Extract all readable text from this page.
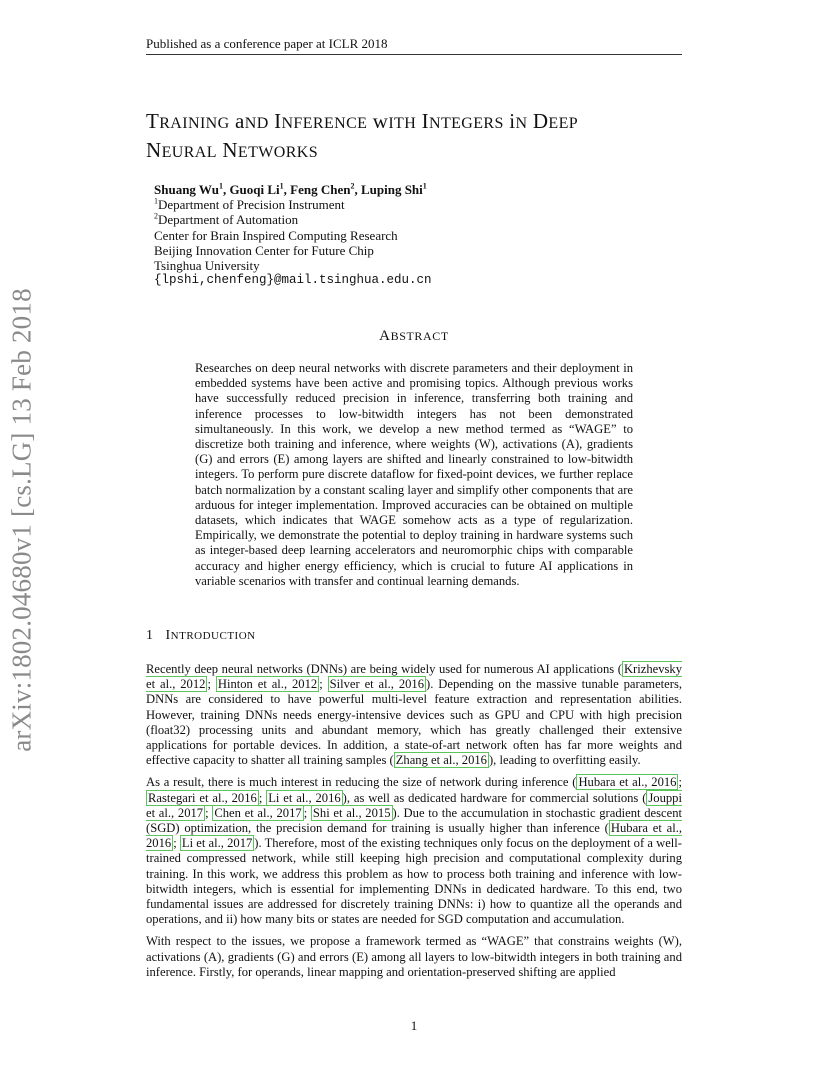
Published as a conference paper at ICLR 2018
arXiv:1802.04680v1 [cs.LG] 13 Feb 2018
TRAINING aND INFERENCE wITH INTEGERS iN DEEP
NEURAL NETWORKS
Shuang Wu$^1$, Guoqi Li$^1$, Feng Chen$^2$, Luping Shi$^1$
$^1$Department of Precision Instrument
$^2$Department of Automation
Center for Brain Inspired Computing Research
Beijing Innovation Center for Future Chip
Tsinghua University
{lpshi,chenfeng}@mail.tsinghua.edu.cn
ABSTRACT
Researches on deep neural networks with discrete parameters and their deployment in embedded systems have been active and promising topics. Although previous works have successfully reduced precision in inference, transferring both training and inference processes to low-bitwidth integers has not been demonstrated simultaneously. In this work, we develop a new method termed as “WAGE” to discretize both training and inference, where weights (W), activations (A), gradients (G) and errors (E) among layers are shifted and linearly constrained to low-bitwidth integers. To perform pure discrete dataflow for fixed-point devices, we further replace batch normalization by a constant scaling layer and simplify other components that are arduous for integer implementation. Improved accuracies can be obtained on multiple datasets, which indicates that WAGE somehow acts as a type of regularization. Empirically, we demonstrate the potential to deploy training in hardware systems such as integer-based deep learning accelerators and neuromorphic chips with comparable accuracy and higher energy efficiency, which is crucial to future AI applications in variable scenarios with transfer and continual learning demands.
1 INTRODUCTION

Recently deep neural networks (DNNs) are being widely used for numerous AI applications ( Krizhevsky et al., 2012 ; Hinton et al., 2012 ; Silver et al., 2016 ). Depending on the massive tunable parameters, DNNs are considered to have powerful multi-level feature extraction and representation abilities. However, training DNNs needs energy-intensive devices such as GPU and CPU with high precision (float32) processing units and abundant memory, which has greatly challenged their extensive applications for portable devices. In addition, a state-of-art network often has far more weights and effective capacity to shatter all training samples ( Zhang et al., 2016 ), leading to overfitting easily.

As a result, there is much interest in reducing the size of network during inference ( Hubara et al., 2016 ; Rastegari et al., 2016 ; Li et al., 2016 ), as well as dedicated hardware for commercial solutions ( Jouppi et al., 2017 ; Chen et al., 2017 ; Shi et al., 2015 ). Due to the accumulation in stochastic gradient descent (SGD) optimization, the precision demand for training is usually higher than inference ( Hubara et al., 2016 ; Li et al., 2017 ). Therefore, most of the existing techniques only focus on the deployment of a well-trained compressed network, while still keeping high precision and computational complexity during training. In this work, we address this problem as how to process both training and inference with low-bitwidth integers, which is essential for implementing DNNs in dedicated hardware. To this end, two fundamental issues are addressed for discretely training DNNs: i) how to quantize all the operands and operations, and ii) how many bits or states are needed for SGD computation and accumulation.

With respect to the issues, we propose a framework termed as “WAGE” that constrains weights (W), activations (A), gradients (G) and errors (E) among all layers to low-bitwidth integers in both training and inference. Firstly, for operands, linear mapping and orientation-preserved shifting are applied

1
